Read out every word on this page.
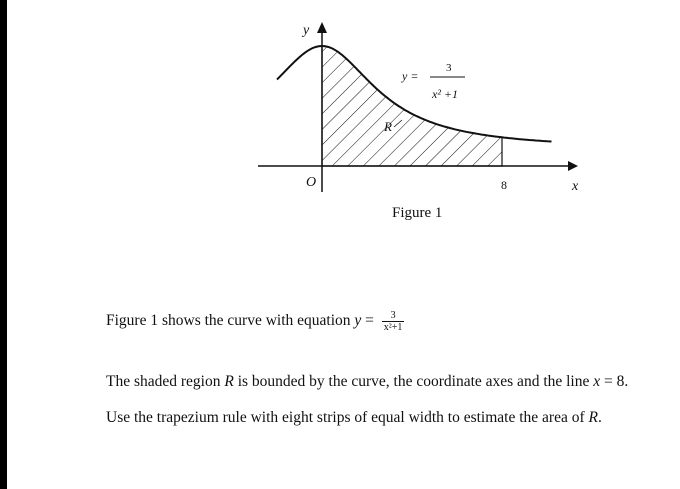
y
x
O	8
R
y =
3
x² +1
Figure 1
Figure 1 shows the curve with equation $y = \frac{3}{\text{x²+1}}$
The shaded region R is bounded by the curve, the coordinate axes and the line x = 8.
Use the trapezium rule with eight strips of equal width to estimate the area of R.
